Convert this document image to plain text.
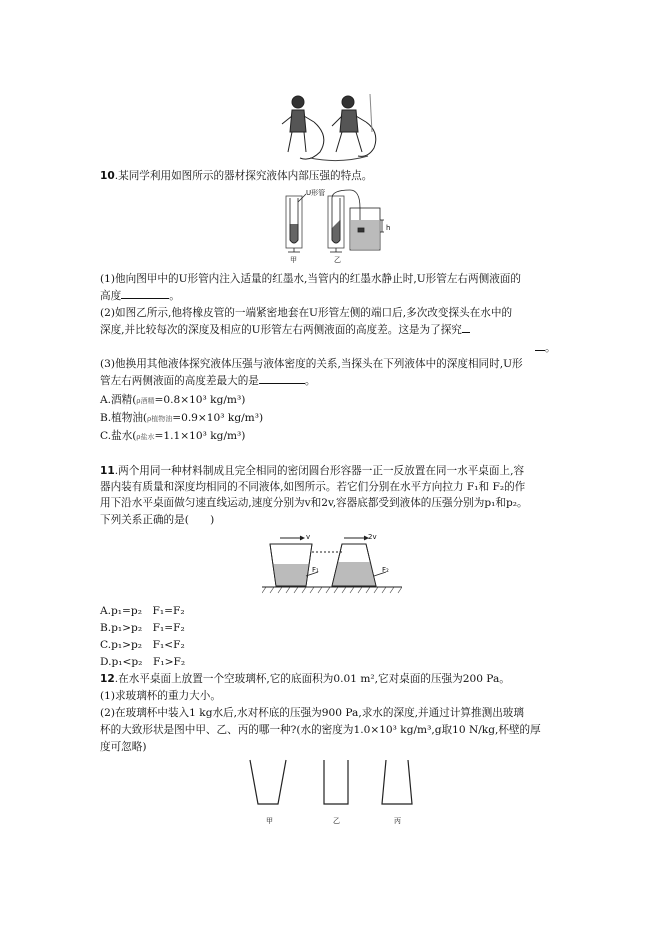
10.某同学利用如图所示的器材探究液体内部压强的特点。
U形管
h
甲	乙
(1)他向图甲中的U形管内注入适量的红墨水,当管内的红墨水静止时,U形管左右两侧液面的
高度	。
(2)如图乙所示,他将橡皮管的一端紧密地套在U形管左侧的端口后,多次改变探头在水中的
深度,并比较每次的深度及相应的U形管左右两侧液面的高度差。这是为了探究
。
(3)他换用其他液体探究液体压强与液体密度的关系,当探头在下列液体中的深度相同时,U形
管左右两侧液面的高度差最大的是	。
A.酒精(ρ酒精=0.8×10³ kg/m³)
B.植物油(ρ植物油=0.9×10³ kg/m³)
C.盐水(ρ盐水=1.1×10³ kg/m³)
11.两个用同一种材料制成且完全相同的密闭圆台形容器一正一反放置在同一水平桌面上,容
器内装有质量和深度均相同的不同液体,如图所示。若它们分别在水平方向拉力 F₁和 F₂的作
用下沿水平桌面做匀速直线运动,速度分别为v和2v,容器底都受到液体的压强分别为p₁和p₂。
下列关系正确的是(　　)
v	2v
F₁	F₂
A.p₁=p₂　F₁=F₂
B.p₁>p₂　F₁=F₂
C.p₁>p₂　F₁<F₂
D.p₁<p₂　F₁>F₂
12.在水平桌面上放置一个空玻璃杯,它的底面积为0.01 m²,它对桌面的压强为200 Pa。
(1)求玻璃杯的重力大小。
(2)在玻璃杯中装入1 kg水后,水对杯底的压强为900 Pa,求水的深度,并通过计算推测出玻璃
杯的大致形状是图中甲、乙、丙的哪一种?(水的密度为1.0×10³ kg/m³,g取10 N/kg,杯壁的厚
度可忽略)
甲	乙	丙
